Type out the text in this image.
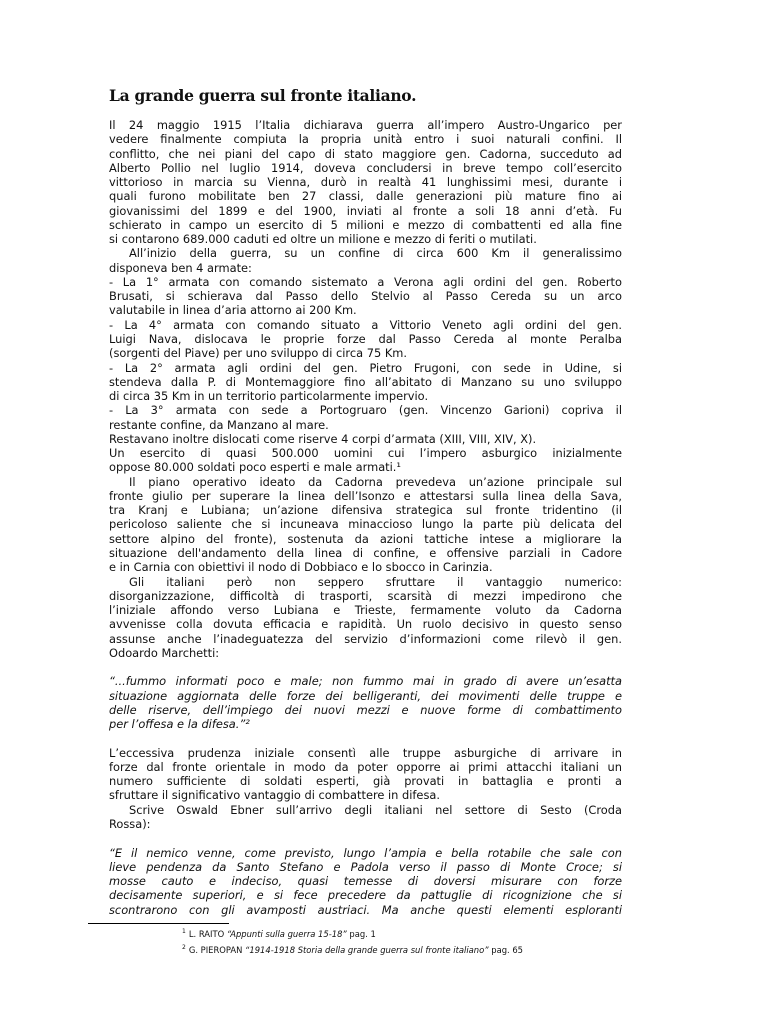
La grande guerra sul fronte italiano.
Il 24 maggio 1915 l’Italia dichiarava guerra all’impero Austro-Ungarico per
vedere finalmente compiuta la propria unità entro i suoi naturali confini. Il
conflitto, che nei piani del capo di stato maggiore gen. Cadorna, succeduto ad
Alberto Pollio nel luglio 1914, doveva concludersi in breve tempo coll’esercito
vittorioso in marcia su Vienna, durò in realtà 41 lunghissimi mesi, durante i
quali furono mobilitate ben 27 classi, dalle generazioni più mature fino ai
giovanissimi del 1899 e del 1900, inviati al fronte a soli 18 anni d’età. Fu
schierato in campo un esercito di 5 milioni e mezzo di combattenti ed alla fine
si contarono 689.000 caduti ed oltre un milione e mezzo di feriti o mutilati.
All’inizio della guerra, su un confine di circa 600 Km il generalissimo
disponeva ben 4 armate:
- La 1° armata con comando sistemato a Verona agli ordini del gen. Roberto
Brusati, si schierava dal Passo dello Stelvio al Passo Cereda su un arco
valutabile in linea d’aria attorno ai 200 Km.
- La 4° armata con comando situato a Vittorio Veneto agli ordini del gen.
Luigi Nava, dislocava le proprie forze dal Passo Cereda al monte Peralba
(sorgenti del Piave) per uno sviluppo di circa 75 Km.
- La 2° armata agli ordini del gen. Pietro Frugoni, con sede in Udine, si
stendeva dalla P. di Montemaggiore fino all’abitato di Manzano su uno sviluppo
di circa 35 Km in un territorio particolarmente impervio.
- La 3° armata con sede a Portogruaro (gen. Vincenzo Garioni) copriva il
restante confine, da Manzano al mare.
Restavano inoltre dislocati come riserve 4 corpi d’armata (XIII, VIII, XIV, X).
Un esercito di quasi 500.000 uomini cui l’impero asburgico inizialmente
oppose 80.000 soldati poco esperti e male armati.¹
Il piano operativo ideato da Cadorna prevedeva un’azione principale sul
fronte giulio per superare la linea dell’Isonzo e attestarsi sulla linea della Sava,
tra Kranj e Lubiana; un’azione difensiva strategica sul fronte tridentino (il
pericoloso saliente che si incuneava minaccioso lungo la parte più delicata del
settore alpino del fronte), sostenuta da azioni tattiche intese a migliorare la
situazione dell'andamento della linea di confine, e offensive parziali in Cadore
e in Carnia con obiettivi il nodo di Dobbiaco e lo sbocco in Carinzia.
Gli italiani però non seppero sfruttare il vantaggio numerico:
disorganizzazione, difficoltà di trasporti, scarsità di mezzi impedirono che
l’iniziale affondo verso Lubiana e Trieste, fermamente voluto da Cadorna
avvenisse colla dovuta efficacia e rapidità. Un ruolo decisivo in questo senso
assunse anche l’inadeguatezza del servizio d’informazioni come rilevò il gen.
Odoardo Marchetti:
“...fummo informati poco e male; non fummo mai in grado di avere un’esatta
situazione aggiornata delle forze dei belligeranti, dei movimenti delle truppe e
delle riserve, dell’impiego dei nuovi mezzi e nuove forme di combattimento
per l’offesa e la difesa.”²
L’eccessiva prudenza iniziale consentì alle truppe asburgiche di arrivare in
forze dal fronte orientale in modo da poter opporre ai primi attacchi italiani un
numero sufficiente di soldati esperti, già provati in battaglia e pronti a
sfruttare il significativo vantaggio di combattere in difesa.
Scrive Oswald Ebner sull’arrivo degli italiani nel settore di Sesto (Croda
Rossa):
“E il nemico venne, come previsto, lungo l’ampia e bella rotabile che sale con
lieve pendenza da Santo Stefano e Padola verso il passo di Monte Croce; si
mosse cauto e indeciso, quasi temesse di doversi misurare con forze
decisamente superiori, e si fece precedere da pattuglie di ricognizione che si
scontrarono con gli avamposti austriaci. Ma anche questi elementi esploranti
$^1$ L. RAITO “Appunti sulla guerra 15-18” pag. 1
$^2$ G. PIEROPAN “1914-1918 Storia della grande guerra sul fronte italiano” pag. 65
